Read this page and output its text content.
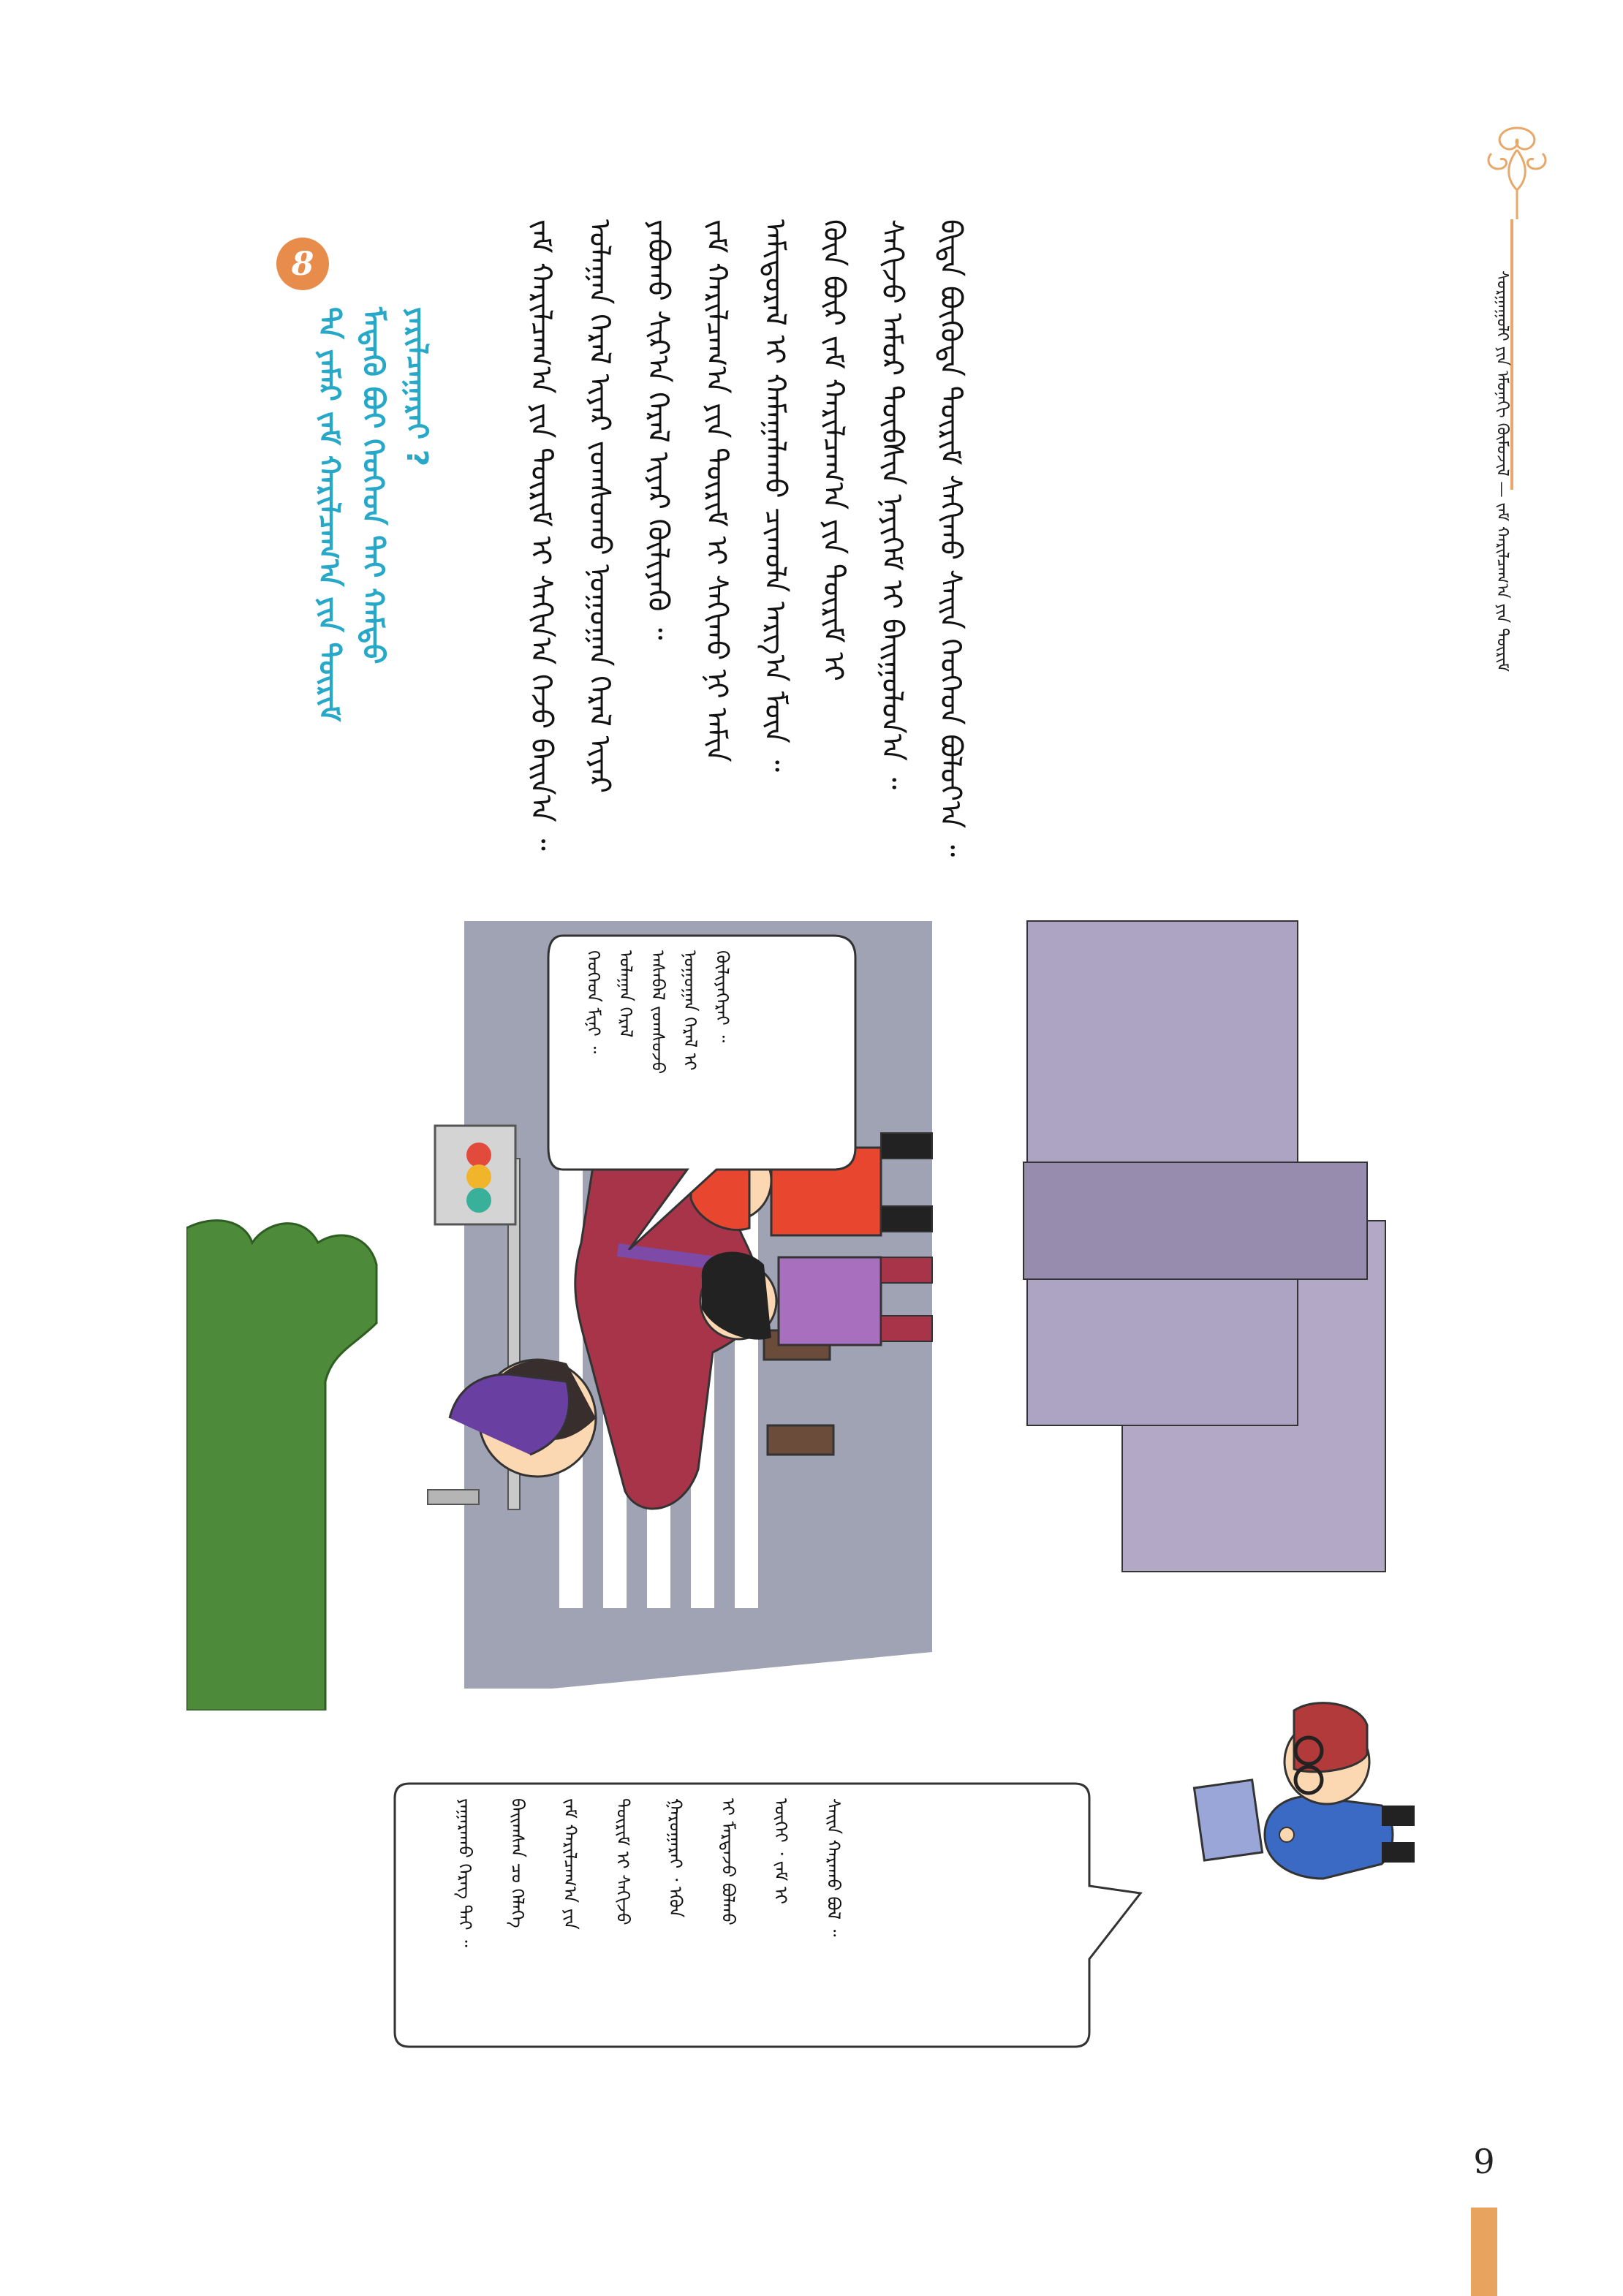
ᠰᠤᠷᠭᠠᠭᠤᠯᠢ ᠶᠢᠨ ᠡᠮᠦᠨᠡᠬᠢ ᠬᠦᠮᠦᠵᠢᠯ — ᠵᠠᠮ ᠬᠠᠷᠢᠯᠴᠠᠭ᠎ᠠ ᠶᠢᠨ ᠳᠦᠷᠢᠮ
ᠵᠠᠮ ᠬᠠᠷᠢᠯᠴᠠᠭ᠎ᠠ ᠶᠢᠨ ᠳᠦᠷᠢᠮ ᠢ ᠰᠠᠬᠢᠨ᠎ᠠ ᠭᠡᠵᠦ ᠪᠠᠢᠨ᠎ᠠ ᠃ ᠤᠯᠠᠭᠠᠨ ᠭᠡᠷᠡᠯ ᠢᠶᠡᠷ ᠵᠣᠭᠰᠣᠬᠤ ᠨᠣᠭᠣᠭᠠᠨ ᠭᠡᠷᠡᠯ ᠢᠶᠡᠷ ᠶᠠᠪᠤᠬᠤ ᠰᠢᠷ᠎ᠠ ᠭᠡᠷᠡᠯ ᠢᠶᠡᠷ ᠬᠦᠯᠢᠶᠡᠬᠦ ᠃ ᠵᠠᠮ ᠬᠠᠷᠢᠯᠴᠠᠭ᠎ᠠ ᠶᠢᠨ ᠳᠦᠷᠢᠮ ᠢ ᠰᠠᠬᠢᠬᠤ ᠨᠢ ᠠᠮᠢᠨ ᠠᠮᠢᠳᠤᠷᠠᠯ ᠢ ᠬᠠᠮᠠᠭᠠᠯᠠᠬᠤ ᠴᠢᠬᠤᠯᠠ ᠠᠷᠭ᠎ᠠ ᠮᠥᠨ ᠃ ᠬᠦᠨ ᠪᠦᠷ ᠵᠠᠮ ᠬᠠᠷᠢᠯᠴᠠᠭ᠎ᠠ ᠶᠢᠨ ᠳᠦᠷᠢᠮ ᠢ ᠰᠠᠬᠢᠵᠤ ᠠᠮᠤᠷ ᠲᠦᠪᠰᠢᠨ ᠨᠡᠶᠢᠭᠡᠮ ᠢ ᠪᠠᠢᠭᠤᠯᠤᠨ᠎ᠠ ᠃ ᠪᠢᠳᠡ ᠪᠦᠭᠦᠳᠡ ᠳᠦᠷᠢᠮ ᠰᠠᠬᠢᠬᠤ ᠰᠠᠢᠨ ᠬᠡᠦᠬᠡᠳ ᠪᠣᠯᠤᠶ᠎ᠠ ᠃
8
ᠲᠠ ᠶᠠᠮᠠᠷ ᠵᠠᠮ ᠬᠠᠷᠢᠯᠴᠠᠭ᠎ᠠ ᠶᠢᠨ ᠳᠦᠷᠢᠮ ᠮᠡᠳᠡᠬᠦ ᠪᠤᠢ ᠬᠡᠦᠬᠡᠳ ᠲᠠᠢ ᠬᠠᠮᠲᠤ ᠶᠠᠷᠢᠯᠴᠠᠭᠠᠷᠠᠢ ?
ᠬᠡᠦᠬᠡᠳ ᠮᠢᠨᠢ ᠃ ᠤᠯᠠᠭᠠᠨ ᠭᠡᠷᠡᠯ ᠠᠰᠠᠪᠠᠯ ᠵᠣᠭᠰᠣᠵᠤ ᠨᠣᠭᠣᠭᠠᠨ ᠭᠡᠷᠡᠯ ᠢ ᠬᠦᠯᠢᠶᠡᠭᠡᠷᠡᠢ ᠃
ᠶᠠᠭᠠᠷᠠᠬᠤ ᠬᠡᠷᠡᠭ ᠲᠠᠢ ᠃	ᠪᠠᠢᠭᠰᠠᠨ ᠴᠤ ᠬᠡᠯᠡᠭᠡ	ᠵᠠᠮ ᠬᠠᠷᠢᠯᠴᠠᠭ᠎ᠠ ᠶᠢᠨ	ᠳᠦᠷᠢᠮ ᠢ ᠰᠠᠬᠢᠵᠤ	ᠭᠠᠷᠤᠭᠠᠷᠠᠢ ᠂ ᠡᠭᠦᠨ	ᠢ ᠮᠠᠷᠲᠠᠵᠤ ᠪᠣᠯᠬᠤ	ᠦᠭᠡᠢ ᠂ ᠵᠠᠮ ᠢ	ᠰᠠᠢᠨ ᠬᠠᠷᠠᠬᠤ ᠪᠣᠯ ᠃
9
